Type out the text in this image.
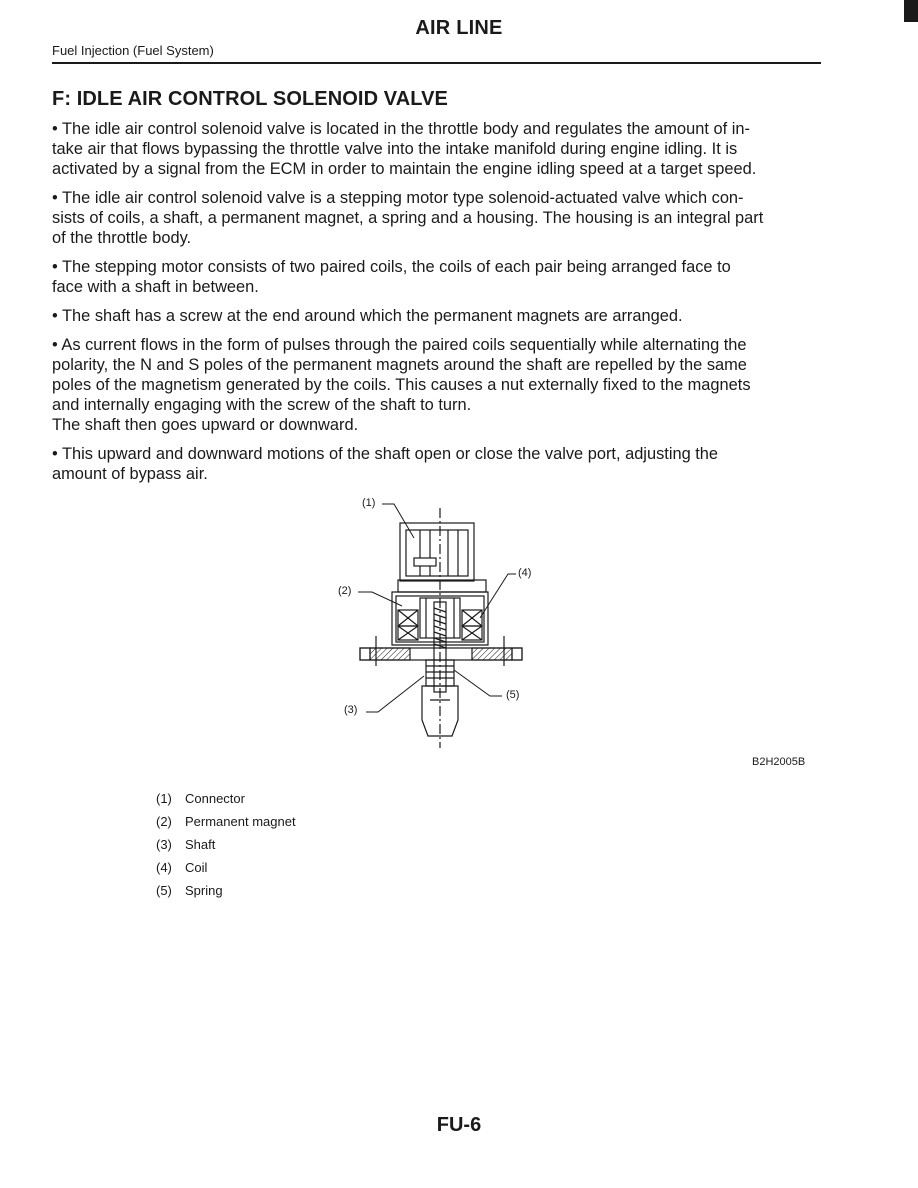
AIR LINE
Fuel Injection (Fuel System)
F: IDLE AIR CONTROL SOLENOID VALVE
• The idle air control solenoid valve is located in the throttle body and regulates the amount of in-
take air that flows bypassing the throttle valve into the intake manifold during engine idling. It is
activated by a signal from the ECM in order to maintain the engine idling speed at a target speed.
• The idle air control solenoid valve is a stepping motor type solenoid-actuated valve which con-
sists of coils, a shaft, a permanent magnet, a spring and a housing. The housing is an integral part
of the throttle body.
• The stepping motor consists of two paired coils, the coils of each pair being arranged face to
face with a shaft in between.
• The shaft has a screw at the end around which the permanent magnets are arranged.
• As current flows in the form of pulses through the paired coils sequentially while alternating the
polarity, the N and S poles of the permanent magnets around the shaft are repelled by the same
poles of the magnetism generated by the coils. This causes a nut externally fixed to the magnets
and internally engaging with the screw of the shaft to turn.
The shaft then goes upward or downward.
• This upward and downward motions of the shaft open or close the valve port, adjusting the
amount of bypass air.
(1)
(2)
(4)
(3)
(5)
B2H2005B
(1)	Connector
(2)	Permanent magnet
(3)	Shaft
(4)	Coil
(5)	Spring
FU-6
